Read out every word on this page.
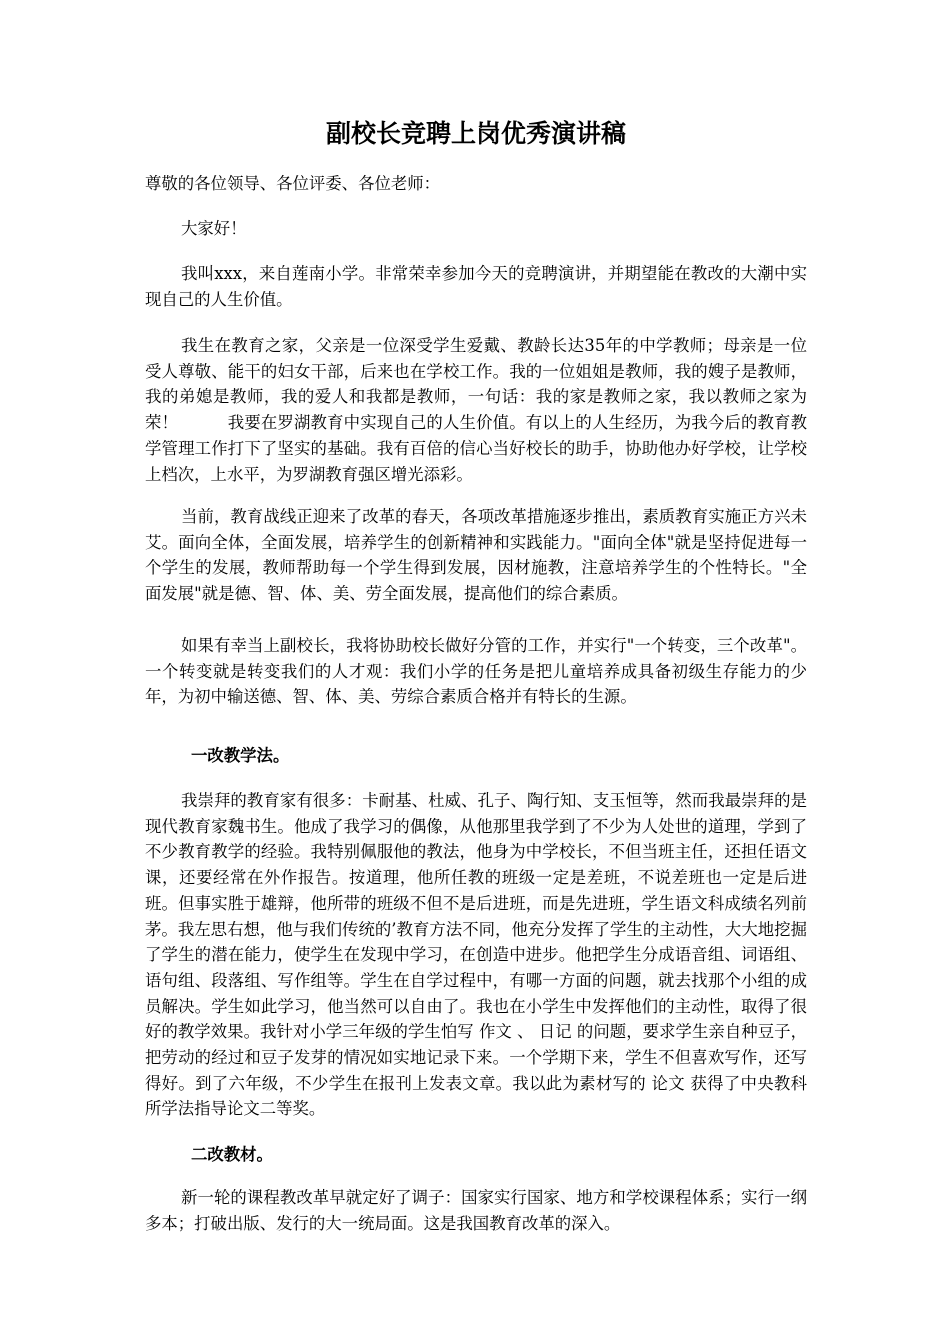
副校长竞聘上岗优秀演讲稿

尊敬的各位领导、各位评委、各位老师：

大家好！

我叫xxx，来自莲南小学。非常荣幸参加今天的竞聘演讲，并期望能在教改的大潮中实现自己的人生价值。

我生在教育之家，父亲是一位深受学生爱戴、教龄长达35年的中学教师；母亲是一位受人尊敬、能干的妇女干部，后来也在学校工作。我的一位姐姐是教师，我的嫂子是教师，我的弟媳是教师，我的爱人和我都是教师，一句话：我的家是教师之家，我以教师之家为荣！　　　我要在罗湖教育中实现自己的人生价值。有以上的人生经历，为我今后的教育教学管理工作打下了坚实的基础。我有百倍的信心当好校长的助手，协助他办好学校，让学校上档次，上水平，为罗湖教育强区增光添彩。

当前，教育战线正迎来了改革的春天，各项改革措施逐步推出，素质教育实施正方兴未艾。面向全体，全面发展，培养学生的创新精神和实践能力。"面向全体"就是坚持促进每一个学生的发展，教师帮助每一个学生得到发展，因材施教，注意培养学生的个性特长。"全面发展"就是德、智、体、美、劳全面发展，提高他们的综合素质。

如果有幸当上副校长，我将协助校长做好分管的工作，并实行"一个转变，三个改革"。一个转变就是转变我们的人才观：我们小学的任务是把儿童培养成具备初级生存能力的少年，为初中输送德、智、体、美、劳综合素质合格并有特长的生源。

一改教学法。

我崇拜的教育家有很多：卡耐基、杜威、孔子、陶行知、支玉恒等，然而我最崇拜的是现代教育家魏书生。他成了我学习的偶像，从他那里我学到了不少为人处世的道理，学到了不少教育教学的经验。我特别佩服他的教法，他身为中学校长，不但当班主任，还担任语文课，还要经常在外作报告。按道理，他所任教的班级一定是差班，不说差班也一定是后进班。但事实胜于雄辩，他所带的班级不但不是后进班，而是先进班，学生语文科成绩名列前茅。我左思右想，他与我们传统的’教育方法不同，他充分发挥了学生的主动性，大大地挖掘了学生的潜在能力，使学生在发现中学习，在创造中进步。他把学生分成语音组、词语组、语句组、段落组、写作组等。学生在自学过程中，有哪一方面的问题，就去找那个小组的成员解决。学生如此学习，他当然可以自由了。我也在小学生中发挥他们的主动性，取得了很好的教学效果。我针对小学三年级的学生怕写 作文 、 日记 的问题，要求学生亲自种豆子，把劳动的经过和豆子发芽的情况如实地记录下来。一个学期下来，学生不但喜欢写作，还写得好。到了六年级，不少学生在报刊上发表文章。我以此为素材写的 论文 获得了中央教科所学法指导论文二等奖。

二改教材。

新一轮的课程教改革早就定好了调子：国家实行国家、地方和学校课程体系；实行一纲多本；打破出版、发行的大一统局面。这是我国教育改革的深入。
